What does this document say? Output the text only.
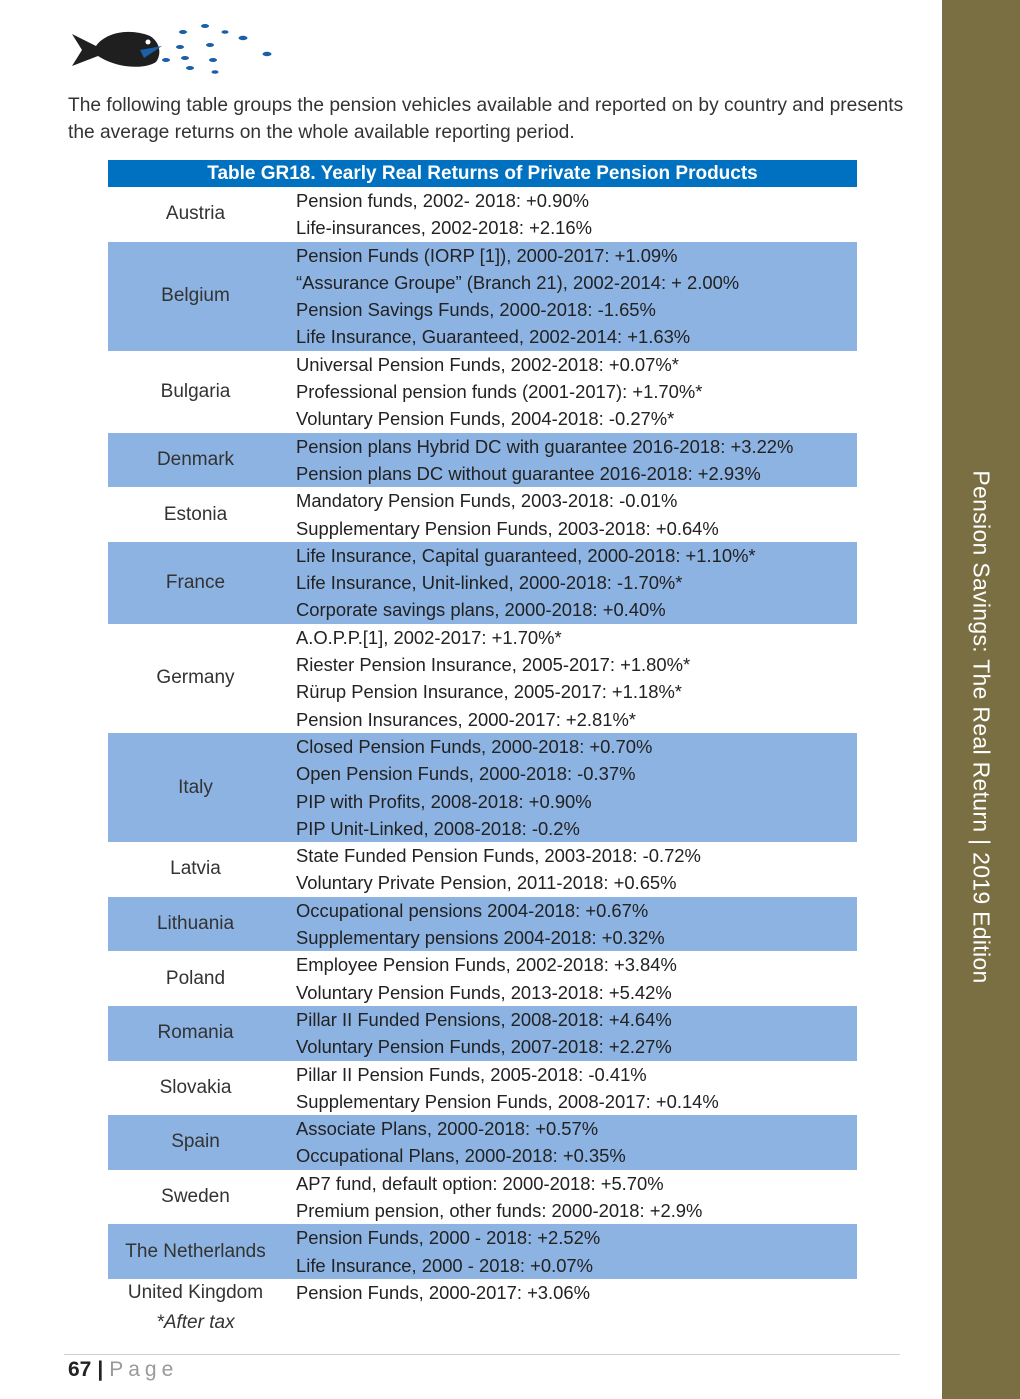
The following table groups the pension vehicles available and reported on by country and presents the average returns on the whole available reporting period.
Table GR18. Yearly Real Returns of Private Pension Products
Austria
Pension funds, 2002- 2018: +0.90%
Life-insurances, 2002-2018: +2.16%
Belgium
Pension Funds (IORP [1]), 2000-2017: +1.09%
“Assurance Groupe” (Branch 21), 2002-2014: + 2.00%
Pension Savings Funds, 2000-2018: -1.65%
Life Insurance, Guaranteed, 2002-2014: +1.63%
Bulgaria
Universal Pension Funds, 2002-2018: +0.07%*
Professional pension funds (2001-2017): +1.70%*
Voluntary Pension Funds, 2004-2018: -0.27%*
Denmark
Pension plans Hybrid DC with guarantee 2016-2018: +3.22%
Pension plans DC without guarantee 2016-2018: +2.93%
Estonia
Mandatory Pension Funds, 2003-2018: -0.01%
Supplementary Pension Funds, 2003-2018: +0.64%
France
Life Insurance, Capital guaranteed, 2000-2018: +1.10%*
Life Insurance, Unit-linked, 2000-2018: -1.70%*
Corporate savings plans, 2000-2018: +0.40%
Germany
A.O.P.P.[1], 2002-2017: +1.70%*
Riester Pension Insurance, 2005-2017: +1.80%*
Rürup Pension Insurance, 2005-2017: +1.18%*
Pension Insurances, 2000-2017: +2.81%*
Italy
Closed Pension Funds, 2000-2018: +0.70%
Open Pension Funds, 2000-2018: -0.37%
PIP with Profits, 2008-2018: +0.90%
PIP Unit-Linked, 2008-2018: -0.2%
Latvia
State Funded Pension Funds, 2003-2018: -0.72%
Voluntary Private Pension, 2011-2018: +0.65%
Lithuania
Occupational pensions 2004-2018: +0.67%
Supplementary pensions 2004-2018: +0.32%
Poland
Employee Pension Funds, 2002-2018: +3.84%
Voluntary Pension Funds, 2013-2018: +5.42%
Romania
Pillar II Funded Pensions, 2008-2018: +4.64%
Voluntary Pension Funds, 2007-2018: +2.27%
Slovakia
Pillar II Pension Funds, 2005-2018: -0.41%
Supplementary Pension Funds, 2008-2017: +0.14%
Spain
Associate Plans, 2000-2018: +0.57%
Occupational Plans, 2000-2018: +0.35%
Sweden
AP7 fund, default option: 2000-2018: +5.70%
Premium pension, other funds: 2000-2018: +2.9%
The Netherlands
Pension Funds, 2000 - 2018: +2.52%
Life Insurance, 2000 - 2018: +0.07%
United Kingdom	Pension Funds, 2000-2017: +3.06%
*After tax
67 | Page
Pension Savings: The Real Return | 2019 Edition
